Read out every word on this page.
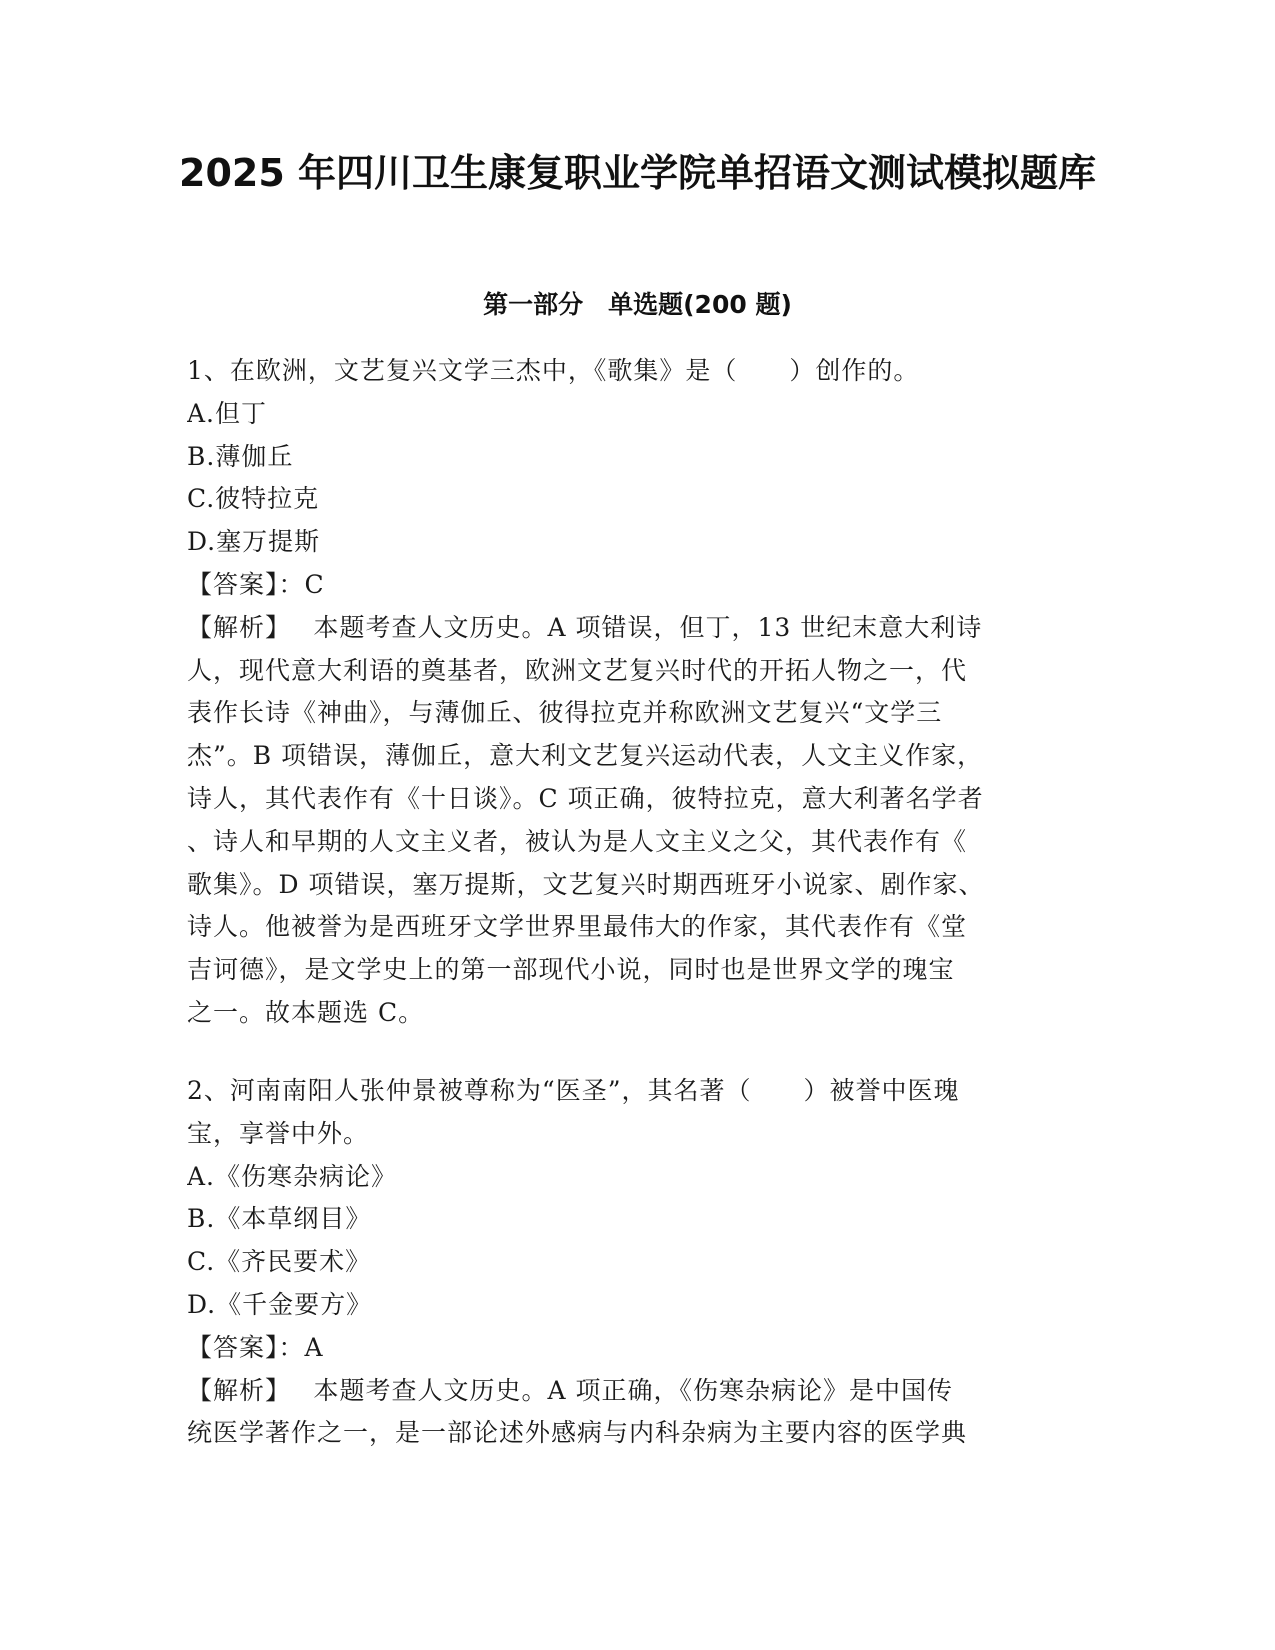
2025 年四川卫生康复职业学院单招语文测试模拟题库
第一部分　单选题(200 题)
1、在欧洲，文艺复兴文学三杰中，《歌集》是（　　）创作的。
A.但丁
B.薄伽丘
C.彼特拉克
D.塞万提斯
【答案】：C
【解析】　 本题考查人文历史。A 项错误，但丁，13 世纪末意大利诗
人，现代意大利语的奠基者，欧洲文艺复兴时代的开拓人物之一，代
表作长诗《神曲》，与薄伽丘、彼得拉克并称欧洲文艺复兴“文学三
杰”。B 项错误，薄伽丘，意大利文艺复兴运动代表，人文主义作家，
诗人，其代表作有《十日谈》。C 项正确，彼特拉克，意大利著名学者
、诗人和早期的人文主义者，被认为是人文主义之父，其代表作有《
歌集》。D 项错误，塞万提斯，文艺复兴时期西班牙小说家、剧作家、
诗人。他被誉为是西班牙文学世界里最伟大的作家，其代表作有《堂
吉诃德》，是文学史上的第一部现代小说，同时也是世界文学的瑰宝
之一。故本题选 C。
2、河南南阳人张仲景被尊称为“医圣”，其名著（　　）被誉中医瑰
宝，享誉中外。
A.《伤寒杂病论》
B.《本草纲目》
C.《齐民要术》
D.《千金要方》
【答案】：A
【解析】　 本题考查人文历史。A 项正确，《伤寒杂病论》是中国传
统医学著作之一，是一部论述外感病与内科杂病为主要内容的医学典
